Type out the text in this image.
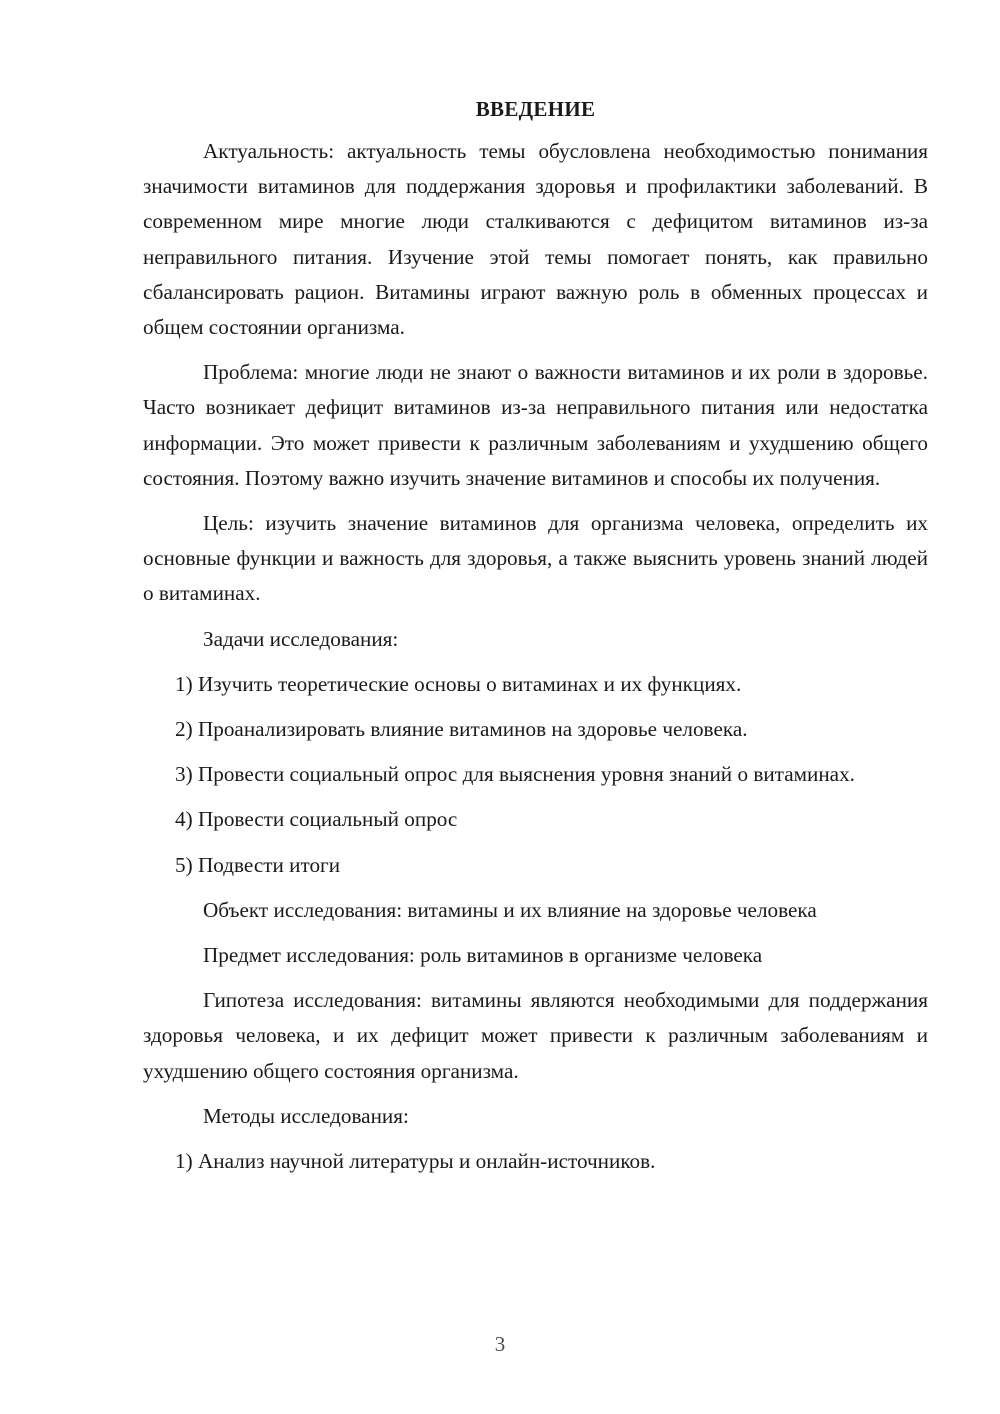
ВВЕДЕНИЕ

Актуальность: актуальность темы обусловлена необходимостью понимания значимости витаминов для поддержания здоровья и профилактики заболеваний. В современном мире многие люди сталкиваются с дефицитом витаминов из-за неправильного питания. Изучение этой темы помогает понять, как правильно сбалансировать рацион. Витамины играют важную роль в обменных процессах и общем состоянии организма.

Проблема: многие люди не знают о важности витаминов и их роли в здоровье. Часто возникает дефицит витаминов из-за неправильного питания или недостатка информации. Это может привести к различным заболеваниям и ухудшению общего состояния. Поэтому важно изучить значение витаминов и способы их получения.

Цель: изучить значение витаминов для организма человека, определить их основные функции и важность для здоровья, а также выяснить уровень знаний людей о витаминах.

Задачи исследования:

1) Изучить теоретические основы о витаминах и их функциях.

2) Проанализировать влияние витаминов на здоровье человека.

3) Провести социальный опрос для выяснения уровня знаний о витаминах.

4) Провести социальный опрос

5) Подвести итоги

Объект исследования: витамины и их влияние на здоровье человека

Предмет исследования: роль витаминов в организме человека

Гипотеза исследования: витамины являются необходимыми для поддержания здоровья человека, и их дефицит может привести к различным заболеваниям и ухудшению общего состояния организма.

Методы исследования:

1) Анализ научной литературы и онлайн-источников.

3
